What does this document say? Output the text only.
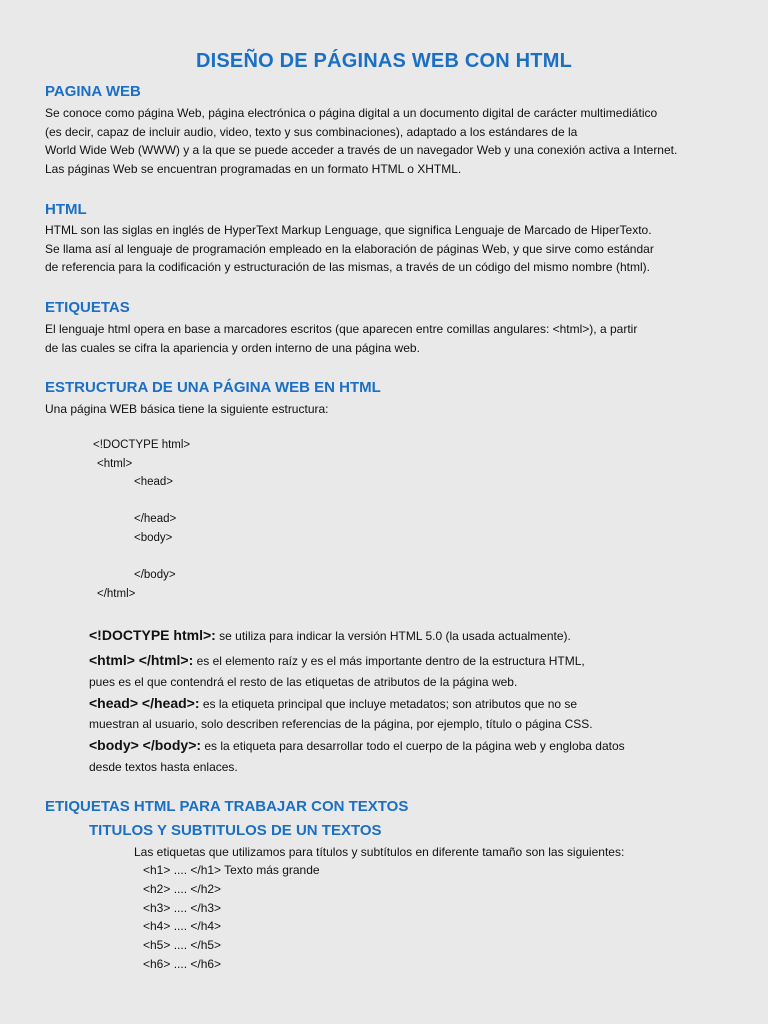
DISEÑO DE PÁGINAS WEB CON HTML
PAGINA WEB
Se conoce como página Web, página electrónica o página digital a un documento digital de carácter multimediático
(es decir, capaz de incluir audio, video, texto y sus combinaciones), adaptado a los estándares de la
World Wide Web (WWW) y a la que se puede acceder a través de un navegador Web y una conexión activa a Internet.
Las páginas Web se encuentran programadas en un formato HTML o XHTML.
HTML
HTML son las siglas en inglés de HyperText Markup Lenguage, que significa Lenguaje de Marcado de HiperTexto.
Se llama así al lenguaje de programación empleado en la elaboración de páginas Web, y que sirve como estándar
de referencia para la codificación y estructuración de las mismas, a través de un código del mismo nombre (html).
ETIQUETAS
El lenguaje html opera en base a marcadores escritos (que aparecen entre comillas angulares: <html>), a partir
de las cuales se cifra la apariencia y orden interno de una página web.
ESTRUCTURA DE UNA PÁGINA WEB EN HTML
Una página WEB básica tiene la siguiente estructura:
<!DOCTYPE html>
<html>
<head>
</head>
<body>
</body>
</html>
<!DOCTYPE html>: se utiliza para indicar la versión HTML 5.0 (la usada actualmente).
<html> </html>: es el elemento raíz y es el más importante dentro de la estructura HTML,
pues es el que contendrá el resto de las etiquetas de atributos de la página web.
<head> </head>: es la etiqueta principal que incluye metadatos; son atributos que no se
muestran al usuario, solo describen referencias de la página, por ejemplo, título o página CSS.
<body> </body>: es la etiqueta para desarrollar todo el cuerpo de la página web y engloba datos
desde textos hasta enlaces.
ETIQUETAS HTML PARA TRABAJAR CON TEXTOS
TITULOS Y SUBTITULOS DE UN TEXTOS
Las etiquetas que utilizamos para títulos y subtítulos en diferente tamaño son las siguientes:
<h1> .... </h1> Texto más grande
<h2> .... </h2>
<h3> .... </h3>
<h4> .... </h4>
<h5> .... </h5>
<h6> .... </h6>
